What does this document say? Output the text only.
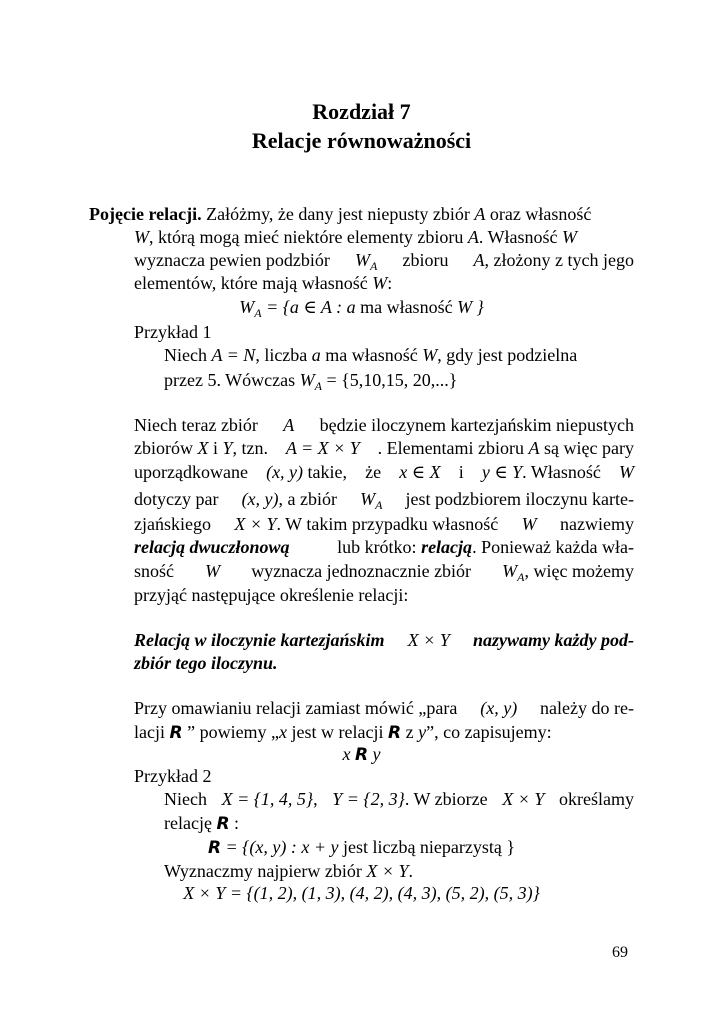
Rozdział 7
Relacje równoważności
Pojęcie relacji. Załóżmy, że dany jest niepusty zbiór A oraz własność
W, którą mogą mieć niektóre elementy zbioru A. Własność W
wyznacza pewien podzbiór $W_A$ zbioru A, złożony z tych jego
elementów, które mają własność W:
$W_A = \{a$ ∈ A : a ma własność W }
Przykład 1
Niech A = N, liczba a ma własność W, gdy jest podzielna
przez 5. Wówczas $W_A = \{5,10,15$, 20,...}
Niech teraz zbiór A będzie iloczynem kartezjańskim niepustych
zbiorów X i Y, tzn. A = X × Y . Elementami zbioru A są więc pary
uporządkowane (x, y) takie, że x ∈ X i y ∈ Y. Własność W
dotyczy par (x, y), a zbiór $W_A$ jest podzbiorem iloczynu karte-
zjańskiego X × Y. W takim przypadku własność W nazwiemy
relacją dwuczłonową	lub krótko: relacją. Ponieważ każda wła-
sność W wyznacza jednoznacznie zbiór $W_A$, więc możemy
przyjąć następujące określenie relacji:
Relacją w iloczynie kartezjańskim X × Y nazywamy każdy pod-
zbiór tego iloczynu.
Przy omawianiu relacji zamiast mówić „para (x, y) należy do re-
lacji R ” powiemy „x jest w relacji R z y”, co zapisujemy:
x R y
Przykład 2
Niech X = {1, 4, 5}, Y = {2, 3}. W zbiorze X × Y określamy
relację R :
R = {(x, y) : x + y jest liczbą nieparzystą }
Wyznaczmy najpierw zbiór X × Y.
X × Y = {(1, 2), (1, 3), (4, 2), (4, 3), (5, 2), (5, 3)}
69
